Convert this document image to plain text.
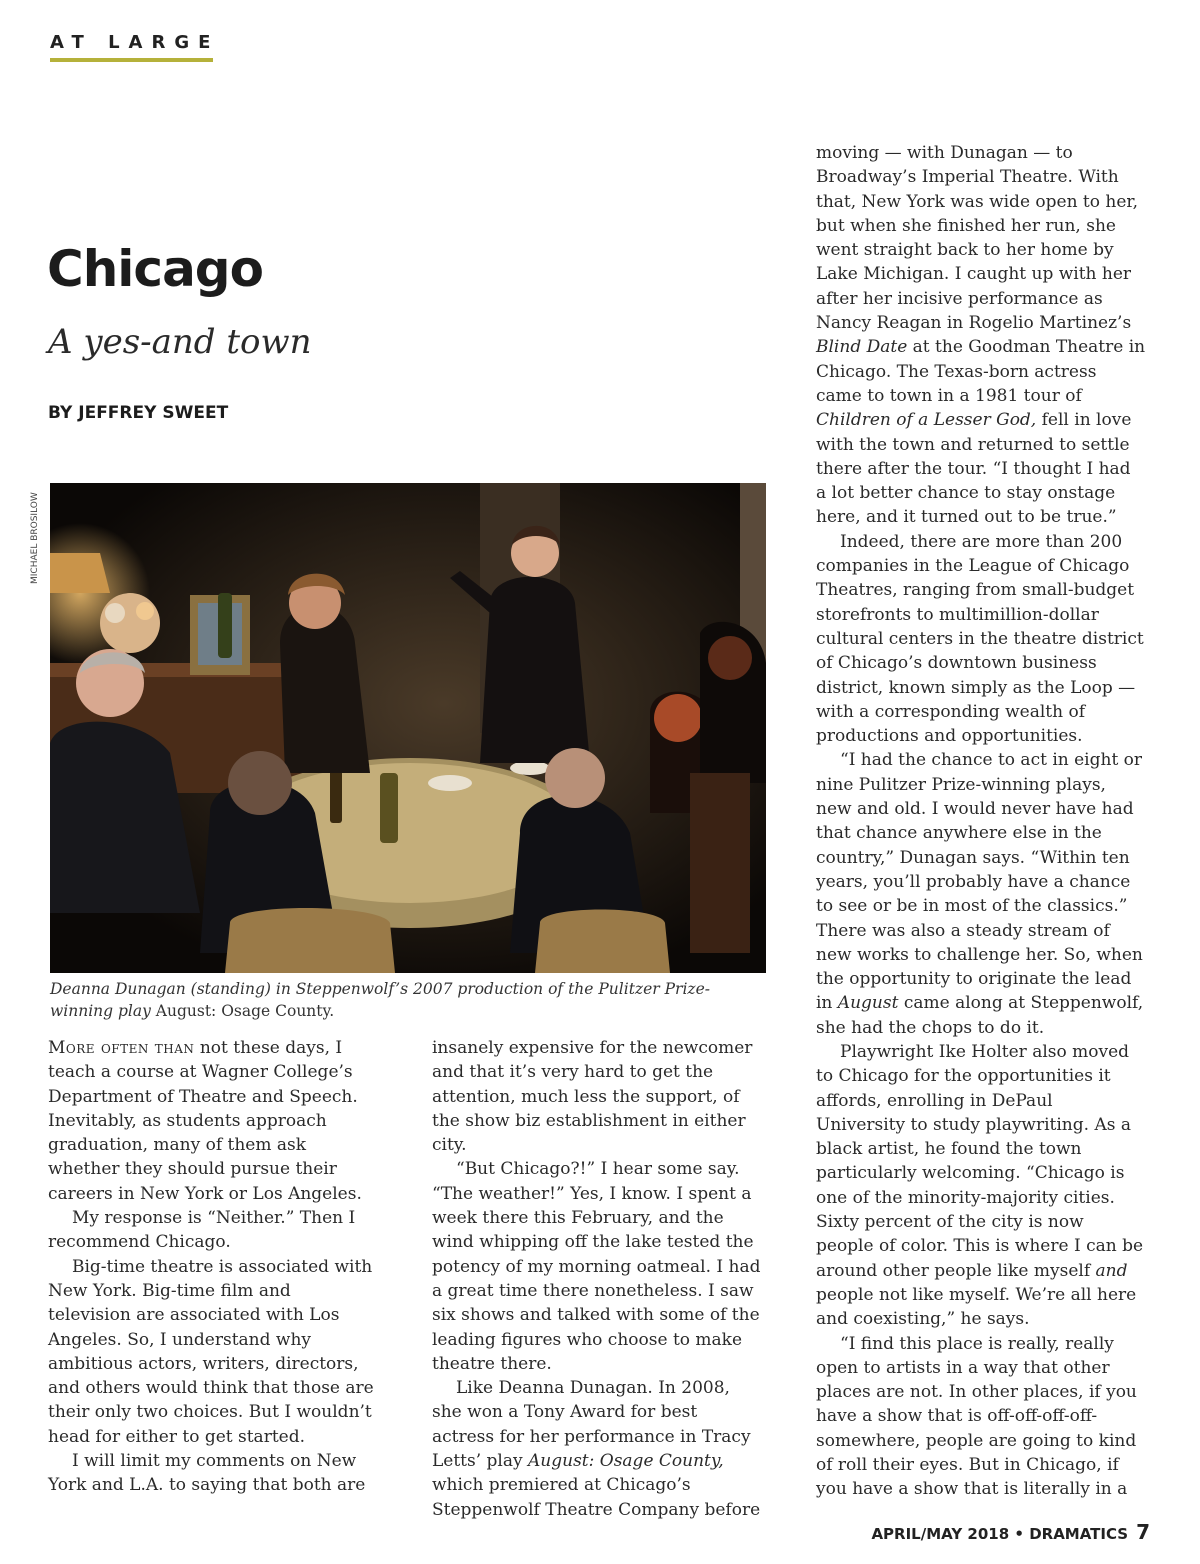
AT LARGE
Chicago
A yes-and town
BY JEFFREY SWEET
MICHAEL BROSILOW
Deanna Dunagan (standing) in Steppenwolf’s 2007 production of the Pulitzer Prize-winning play August: Osage County.

More often than not these days, I teach a course at Wagner College’s Department of Theatre and Speech. Inevitably, as students approach graduation, many of them ask whether they should pursue their careers in New York or Los Angeles.

My response is “Neither.” Then I recommend Chicago.

Big-time theatre is associated with New York. Big-time film and television are associated with Los Angeles. So, I understand why ambitious actors, writers, directors, and others would think that those are their only two choices. But I wouldn’t head for either to get started.

I will limit my comments on New York and L.A. to saying that both are

insanely expensive for the newcomer and that it’s very hard to get the attention, much less the support, of the show biz establishment in either city.

“But Chicago?!” I hear some say. “The weather!” Yes, I know. I spent a week there this February, and the wind whipping off the lake tested the potency of my morning oatmeal. I had a great time there nonetheless. I saw six shows and talked with some of the leading figures who choose to make theatre there.

Like Deanna Dunagan. In 2008, she won a Tony Award for best actress for her performance in Tracy Letts’ play August: Osage County, which premiered at Chicago’s Steppenwolf Theatre Company before

moving — with Dunagan — to Broadway’s Imperial Theatre. With that, New York was wide open to her, but when she finished her run, she went straight back to her home by Lake Michigan. I caught up with her after her incisive performance as Nancy Reagan in Rogelio Martinez’s Blind Date at the Goodman Theatre in Chicago. The Texas-born actress came to town in a 1981 tour of Children of a Lesser God, fell in love with the town and returned to settle there after the tour. “I thought I had a lot better chance to stay onstage here, and it turned out to be true.”

Indeed, there are more than 200 companies in the League of Chicago Theatres, ranging from small-budget storefronts to multimillion-dollar cultural centers in the theatre district of Chicago’s downtown business district, known simply as the Loop — with a corresponding wealth of productions and opportunities.

“I had the chance to act in eight or nine Pulitzer Prize-winning plays, new and old. I would never have had that chance anywhere else in the country,” Dunagan says. “Within ten years, you’ll probably have a chance to see or be in most of the classics.” There was also a steady stream of new works to challenge her. So, when the opportunity to originate the lead in August came along at Steppenwolf, she had the chops to do it.

Playwright Ike Holter also moved to Chicago for the opportunities it affords, enrolling in DePaul University to study playwriting. As a black artist, he found the town particularly welcoming. “Chicago is one of the minority-majority cities. Sixty percent of the city is now people of color. This is where I can be around other people like myself and people not like myself. We’re all here and coexisting,” he says.

“I find this place is really, really open to artists in a way that other places are not. In other places, if you have a show that is off-off-off-off-somewhere, people are going to kind of roll their eyes. But in Chicago, if you have a show that is literally in a

APRIL/MAY 2018 • DRAMATICS 7
